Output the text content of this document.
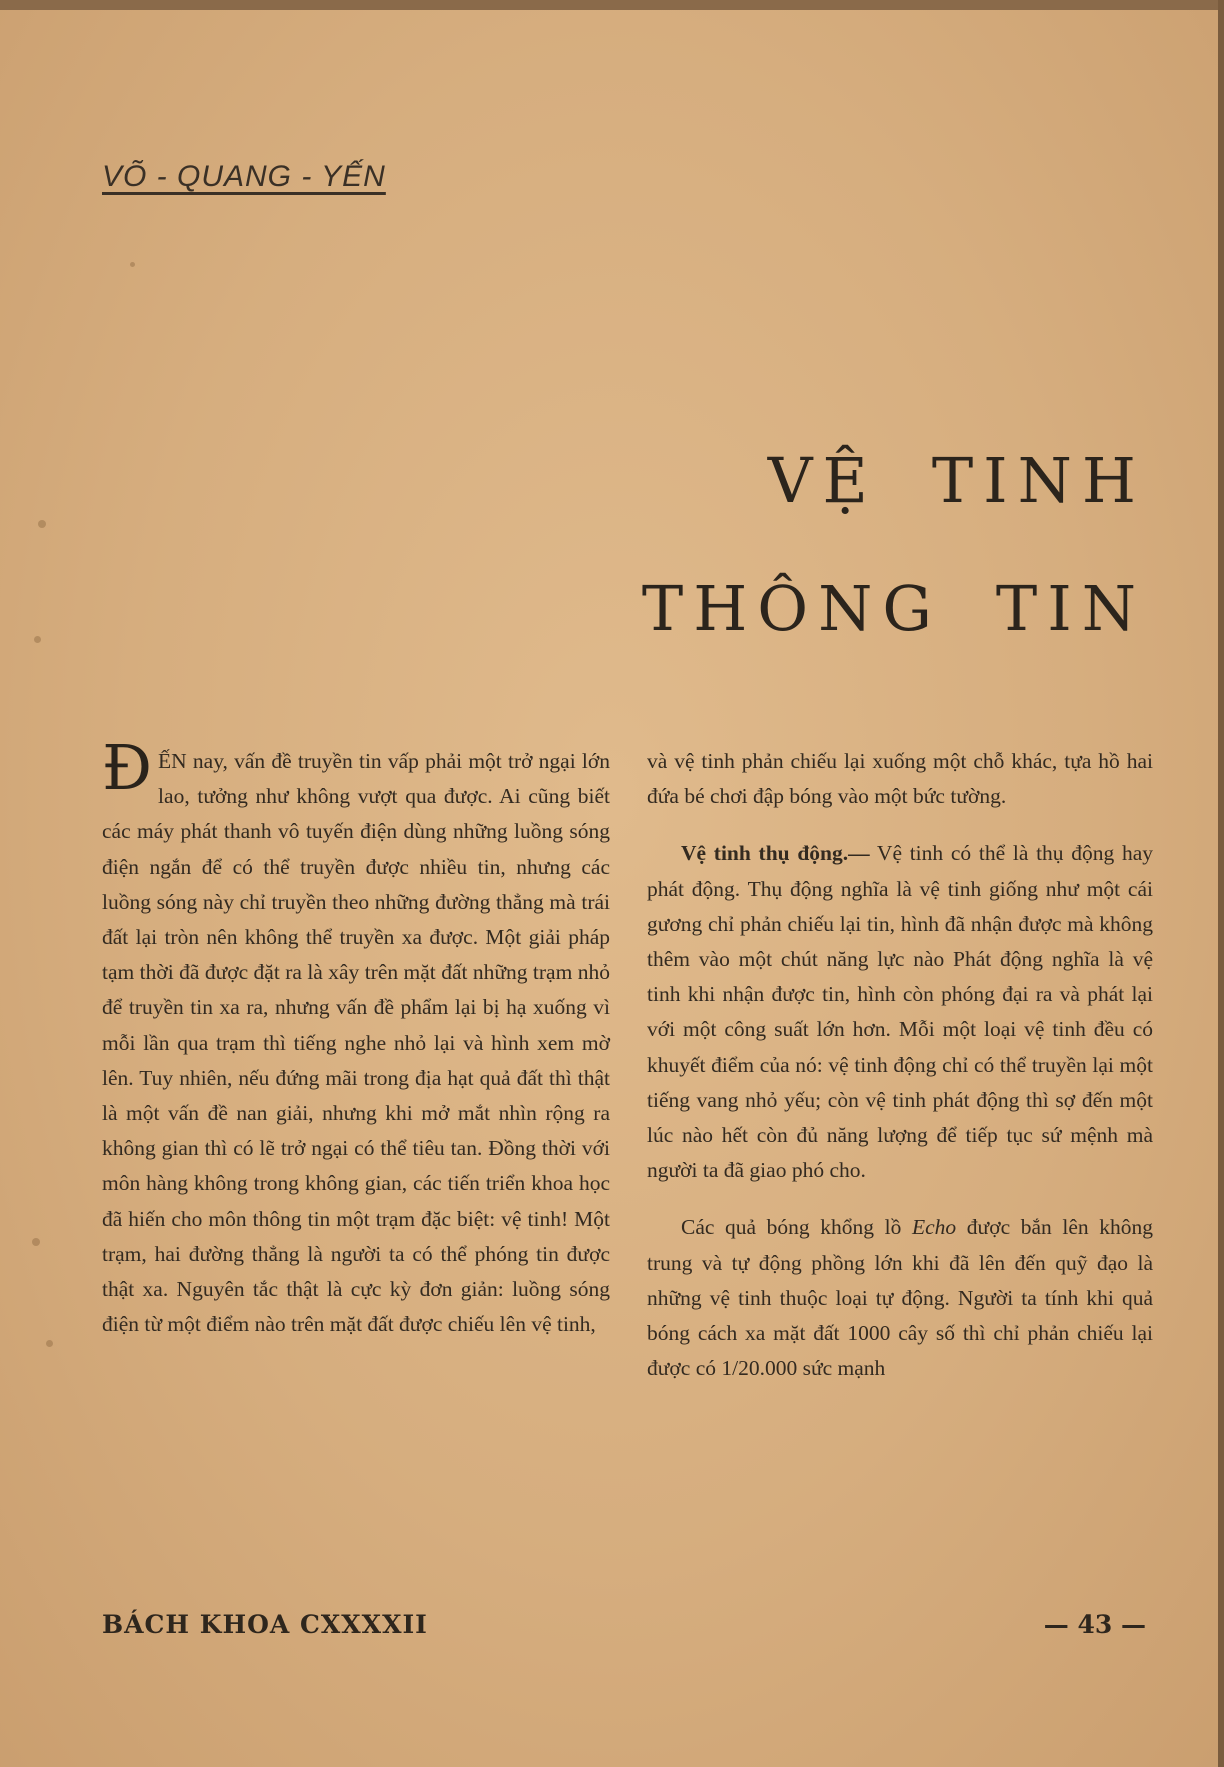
VÕ - QUANG - YẾN
VỆ TINH
THÔNG TIN

ĐẾN nay, vấn đề truyền tin vấp phải một trở ngại lớn lao, tưởng như không vượt qua được. Ai cũng biết các máy phát thanh vô tuyến điện dùng những luồng sóng điện ngắn để có thể truyền được nhiều tin, nhưng các luồng sóng này chỉ truyền theo những đường thẳng mà trái đất lại tròn nên không thể truyền xa được. Một giải pháp tạm thời đã được đặt ra là xây trên mặt đất những trạm nhỏ để truyền tin xa ra, nhưng vấn đề phẩm lại bị hạ xuống vì mỗi lần qua trạm thì tiếng nghe nhỏ lại và hình xem mờ lên. Tuy nhiên, nếu đứng mãi trong địa hạt quả đất thì thật là một vấn đề nan giải, nhưng khi mở mắt nhìn rộng ra không gian thì có lẽ trở ngại có thể tiêu tan. Đồng thời với môn hàng không trong không gian, các tiến triển khoa học đã hiến cho môn thông tin một trạm đặc biệt: vệ tinh! Một trạm, hai đường thẳng là người ta có thể phóng tin được thật xa. Nguyên tắc thật là cực kỳ đơn giản: luồng sóng điện từ một điểm nào trên mặt đất được chiếu lên vệ tinh,

và vệ tinh phản chiếu lại xuống một chỗ khác, tựa hồ hai đứa bé chơi đập bóng vào một bức tường.

Vệ tinh thụ động.— Vệ tinh có thể là thụ động hay phát động. Thụ động nghĩa là vệ tinh giống như một cái gương chỉ phản chiếu lại tin, hình đã nhận được mà không thêm vào một chút năng lực nào Phát động nghĩa là vệ tinh khi nhận được tin, hình còn phóng đại ra và phát lại với một công suất lớn hơn. Mỗi một loại vệ tinh đều có khuyết điểm của nó: vệ tinh động chỉ có thể truyền lại một tiếng vang nhỏ yếu; còn vệ tinh phát động thì sợ đến một lúc nào hết còn đủ năng lượng để tiếp tục sứ mệnh mà người ta đã giao phó cho.

Các quả bóng khổng lồ Echo được bắn lên không trung và tự động phồng lớn khi đã lên đến quỹ đạo là những vệ tinh thuộc loại tự động. Người ta tính khi quả bóng cách xa mặt đất 1000 cây số thì chỉ phản chiếu lại được có 1/20.000 sức mạnh

BÁCH KHOA CXXXXII	— 43 —
